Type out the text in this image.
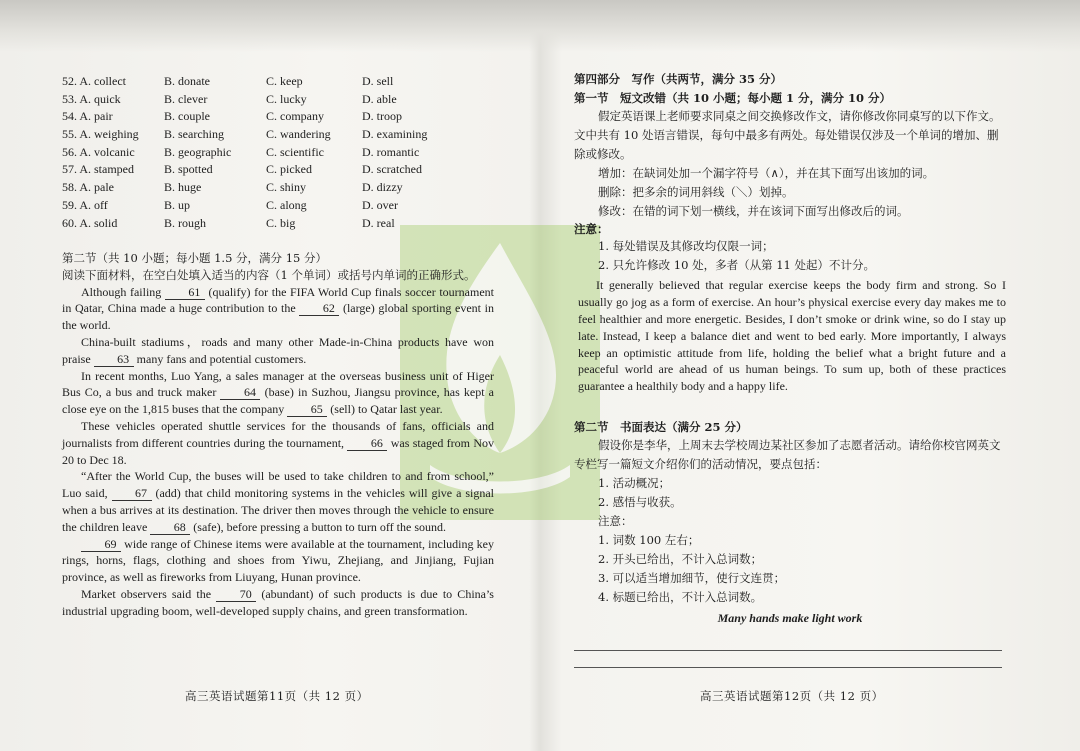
52. A. collect	B. donate	C. keep	D. sell
53. A. quick	B. clever	C. lucky	D. able
54. A. pair	B. couple	C. company	D. troop
55. A. weighing B. searching	C. wandering	D. examining
56. A. volcanic B. geographic	C. scientific	D. romantic
57. A. stamped	B. spotted	C. picked	D. scratched
58. A. pale	B. huge	C. shiny	D. dizzy
59. A. off	B. up	C. along	D. over
60. A. solid	B. rough	C. big	D. real
第二节（共 10 小题；每小题 1.5 分，满分 15 分）

阅读下面材料，在空白处填入适当的内容（1 个单词）或括号内单词的正确形式。

Although failing 61 (qualify) for the FIFA World Cup finals soccer tournament in Qatar, China made a huge contribution to the 62 (large) global sporting event in the world.

China-built stadiums，roads and many other Made-in-China products have won praise 63 many fans and potential customers.

In recent months, Luo Yang, a sales manager at the overseas business unit of Higer Bus Co, a bus and truck maker 64 (base) in Suzhou, Jiangsu province, has kept a close eye on the 1,815 buses that the company 65 (sell) to Qatar last year.

These vehicles operated shuttle services for the thousands of fans, officials and journalists from different countries during the tournament, 66 was staged from Nov 20 to Dec 18.

“After the World Cup, the buses will be used to take children to and from school,” Luo said, 67 (add) that child monitoring systems in the vehicles will give a signal when a bus arrives at its destination. The driver then moves through the vehicle to ensure the children leave 68 (safe), before pressing a button to turn off the sound.

69 wide range of Chinese items were available at the tournament, including key rings, horns, flags, clothing and shoes from Yiwu, Zhejiang, and Jinjiang, Fujian province, as well as fireworks from Liuyang, Hunan province.

Market observers said the 70 (abundant) of such products is due to China’s industrial upgrading boom, well-developed supply chains, and green transformation.

高三英语试题第11页（共 12 页）
第四部分　写作（共两节，满分 35 分）
第一节　短文改错（共 10 小题；每小题 1 分，满分 10 分）

假定英语课上老师要求同桌之间交换修改作文，请你修改你同桌写的以下作文。文中共有 10 处语言错误，每句中最多有两处。每处错误仅涉及一个单词的增加、删除或修改。

增加：在缺词处加一个漏字符号（∧），并在其下面写出该加的词。

删除：把多余的词用斜线（＼）划掉。

修改：在错的词下划一横线，并在该词下面写出修改后的词。

注意：

1. 每处错误及其修改均仅限一词；

2. 只允许修改 10 处，多者（从第 11 处起）不计分。

It generally believed that regular exercise keeps the body firm and strong. So I usually go jog as a form of exercise. An hour’s physical exercise every day makes me to feel healthier and more energetic. Besides, I don’t smoke or drink wine, so do I stay up late. Instead, I keep a balance diet and went to bed early. More importantly, I always keep an optimistic attitude from life, holding the belief what a bright future and a peaceful world are ahead of us human beings. To sum up, both of these practices guarantee a healthily body and a happy life.

第二节　书面表达（满分 25 分）

假设你是李华，上周末去学校周边某社区参加了志愿者活动。请给你校官网英文专栏写一篇短文介绍你们的活动情况，要点包括：

1. 活动概况；

2. 感悟与收获。

注意：

1. 词数 100 左右；

2. 开头已给出，不计入总词数；

3. 可以适当增加细节，使行文连贯；

4. 标题已给出，不计入总词数。

Many hands make light work
高三英语试题第12页（共 12 页）
